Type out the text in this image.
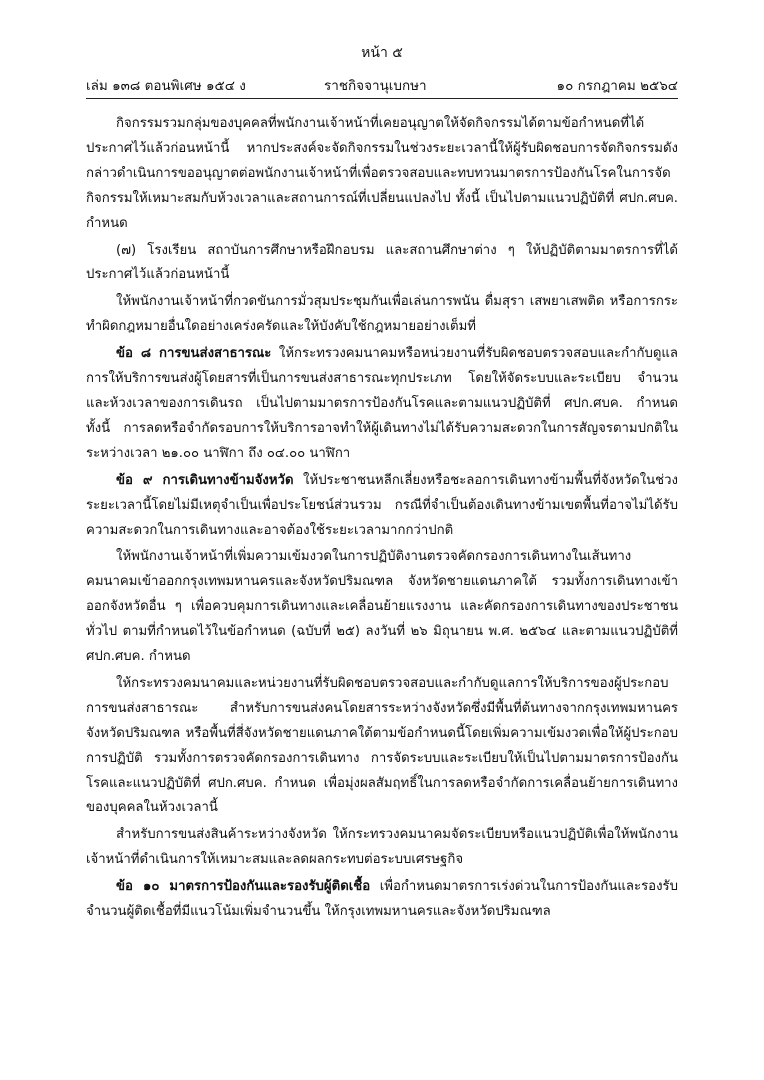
หน้า ๕
เล่ม ๑๓๘ ตอนพิเศษ ๑๕๔ ง	ราชกิจจานุเบกษา	๑๐ กรกฎาคม ๒๕๖๔

กิจกรรมรวมกลุ่มของบุคคลที่พนักงานเจ้าหน้าที่เคยอนุญาตให้จัดกิจกรรมได้ตามข้อกำหนดที่ได้ประกาศไว้แล้วก่อนหน้านี้ หากประสงค์จะจัดกิจกรรมในช่วงระยะเวลานี้ให้ผู้รับผิดชอบการจัดกิจกรรมดังกล่าวดำเนินการขออนุญาตต่อพนักงานเจ้าหน้าที่เพื่อตรวจสอบและทบทวนมาตรการป้องกันโรคในการจัดกิจกรรมให้เหมาะสมกับห้วงเวลาและสถานการณ์ที่เปลี่ยนแปลงไป ทั้งนี้ เป็นไปตามแนวปฏิบัติที่ ศปก.ศบค. กำหนด

(๗) โรงเรียน สถาบันการศึกษาหรือฝึกอบรม และสถานศึกษาต่าง ๆ ให้ปฏิบัติตามมาตรการที่ได้ประกาศไว้แล้วก่อนหน้านี้

ให้พนักงานเจ้าหน้าที่กวดขันการมั่วสุมประชุมกันเพื่อเล่นการพนัน ดื่มสุรา เสพยาเสพติด หรือการกระทำผิดกฎหมายอื่นใดอย่างเคร่งครัดและให้บังคับใช้กฎหมายอย่างเต็มที่

ข้อ ๘ การขนส่งสาธารณะ ให้กระทรวงคมนาคมหรือหน่วยงานที่รับผิดชอบตรวจสอบและกำกับดูแลการให้บริการขนส่งผู้โดยสารที่เป็นการขนส่งสาธารณะทุกประเภท โดยให้จัดระบบและระเบียบ จำนวน และห้วงเวลาของการเดินรถ เป็นไปตามมาตรการป้องกันโรคและตามแนวปฏิบัติที่ ศปก.ศบค. กำหนด ทั้งนี้ การลดหรือจำกัดรอบการให้บริการอาจทำให้ผู้เดินทางไม่ได้รับความสะดวกในการสัญจรตามปกติในระหว่างเวลา ๒๑.๐๐ นาฬิกา ถึง ๐๔.๐๐ นาฬิกา

ข้อ ๙ การเดินทางข้ามจังหวัด ให้ประชาชนหลีกเลี่ยงหรือชะลอการเดินทางข้ามพื้นที่จังหวัดในช่วงระยะเวลานี้โดยไม่มีเหตุจำเป็นเพื่อประโยชน์ส่วนรวม กรณีที่จำเป็นต้องเดินทางข้ามเขตพื้นที่อาจไม่ได้รับความสะดวกในการเดินทางและอาจต้องใช้ระยะเวลามากกว่าปกติ

ให้พนักงานเจ้าหน้าที่เพิ่มความเข้มงวดในการปฏิบัติงานตรวจคัดกรองการเดินทางในเส้นทางคมนาคมเข้าออกกรุงเทพมหานครและจังหวัดปริมณฑล จังหวัดชายแดนภาคใต้ รวมทั้งการเดินทางเข้าออกจังหวัดอื่น ๆ เพื่อควบคุมการเดินทางและเคลื่อนย้ายแรงงาน และคัดกรองการเดินทางของประชาชนทั่วไป ตามที่กำหนดไว้ในข้อกำหนด (ฉบับที่ ๒๕) ลงวันที่ ๒๖ มิถุนายน พ.ศ. ๒๕๖๔ และตามแนวปฏิบัติที่ ศปก.ศบค. กำหนด

ให้กระทรวงคมนาคมและหน่วยงานที่รับผิดชอบตรวจสอบและกำกับดูแลการให้บริการของผู้ประกอบการขนส่งสาธารณะ สำหรับการขนส่งคนโดยสารระหว่างจังหวัดซึ่งมีพื้นที่ต้นทางจากกรุงเทพมหานคร จังหวัดปริมณฑล หรือพื้นที่สี่จังหวัดชายแดนภาคใต้ตามข้อกำหนดนี้โดยเพิ่มความเข้มงวดเพื่อให้ผู้ประกอบการปฏิบัติ รวมทั้งการตรวจคัดกรองการเดินทาง การจัดระบบและระเบียบให้เป็นไปตามมาตรการป้องกันโรคและแนวปฏิบัติที่ ศปก.ศบค. กำหนด เพื่อมุ่งผลสัมฤทธิ์ในการลดหรือจำกัดการเคลื่อนย้ายการเดินทางของบุคคลในห้วงเวลานี้

สำหรับการขนส่งสินค้าระหว่างจังหวัด ให้กระทรวงคมนาคมจัดระเบียบหรือแนวปฏิบัติเพื่อให้พนักงานเจ้าหน้าที่ดำเนินการให้เหมาะสมและลดผลกระทบต่อระบบเศรษฐกิจ

ข้อ ๑๐ มาตรการป้องกันและรองรับผู้ติดเชื้อ เพื่อกำหนดมาตรการเร่งด่วนในการป้องกันและรองรับจำนวนผู้ติดเชื้อที่มีแนวโน้มเพิ่มจำนวนขึ้น ให้กรุงเทพมหานครและจังหวัดปริมณฑล
